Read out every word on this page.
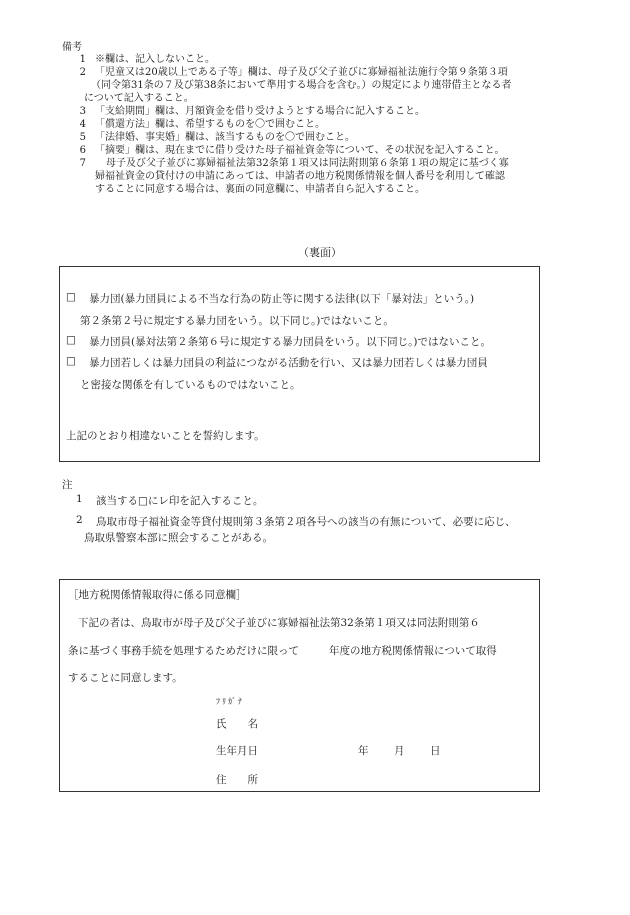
備考
1 ※欄は、記入しないこと。
2 「児童又は20歳以上である子等」欄は、母子及び父子並びに寡婦福祉法施行令第９条第３項
（同令第31条の７及び第38条において準用する場合を含む。）の規定により連帯借主となる者
について記入すること。
3 「支給期間」欄は、月額資金を借り受けようとする場合に記入すること。
4 「償還方法」欄は、希望するものを〇で囲むこと。
5 「法律婚、事実婚」欄は、該当するものを〇で囲むこと。
6 「摘要」欄は、現在までに借り受けた母子福祉資金等について、その状況を記入すること。
7 母子及び父子並びに寡婦福祉法第32条第１項又は同法附則第６条第１項の規定に基づく寡
婦福祉資金の貸付けの申請にあっては、申請者の地方税関係情報を個人番号を利用して確認
することに同意する場合は、裏面の同意欄に、申請者自ら記入すること。
（裏面）
□ 暴力団(暴力団員による不当な行為の防止等に関する法律(以下「暴対法」という。)
第２条第２号に規定する暴力団をいう。以下同じ。)ではないこと。
□ 暴力団員(暴対法第２条第６号に規定する暴力団員をいう。以下同じ。)ではないこと。
□ 暴力団若しくは暴力団員の利益につながる活動を行い、又は暴力団若しくは暴力団員
と密接な関係を有しているものではないこと。
上記のとおり相違ないことを誓約します。
注
1 該当する□にレ印を記入すること。
2 鳥取市母子福祉資金等貸付規則第３条第２項各号への該当の有無について、必要に応じ、
鳥取県警察本部に照会することがある。
［地方税関係情報取得に係る同意欄］
下記の者は、鳥取市が母子及び父子並びに寡婦福祉法第32条第１項又は同法附則第６
条に基づく事務手続を処理するためだけに限って	年度の地方税関係情報について取得
することに同意します。
ﾌﾘｶﾞﾅ
氏　　名
生年月日	年 月 日
住　　所
